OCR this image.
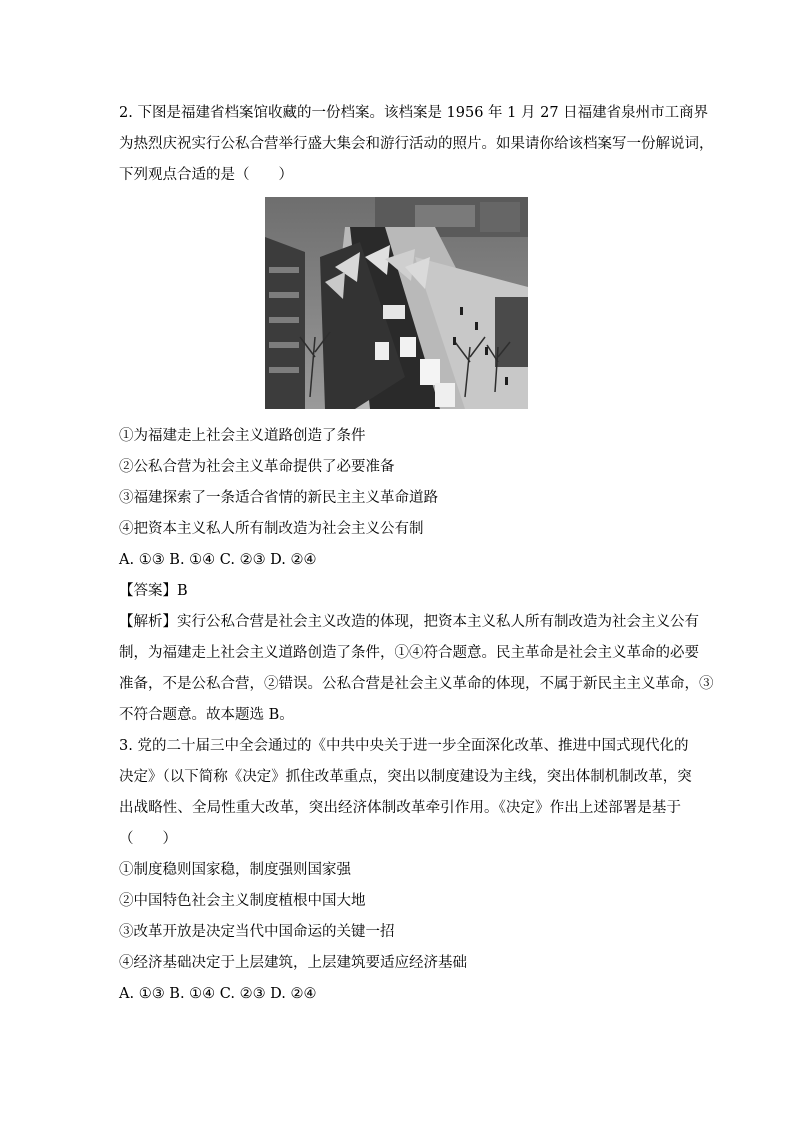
2. 下图是福建省档案馆收藏的一份档案。该档案是 1956 年 1 月 27 日福建省泉州市工商界
为热烈庆祝实行公私合营举行盛大集会和游行活动的照片。如果请你给该档案写一份解说词，
下列观点合适的是（　　）
①为福建走上社会主义道路创造了条件
②公私合营为社会主义革命提供了必要准备
③福建探索了一条适合省情的新民主主义革命道路
④把资本主义私人所有制改造为社会主义公有制
A. ①③ B. ①④ C. ②③ D. ②④
【答案】B
【解析】实行公私合营是社会主义改造的体现，把资本主义私人所有制改造为社会主义公有
制，为福建走上社会主义道路创造了条件，①④符合题意。民主革命是社会主义革命的必要
准备，不是公私合营，②错误。公私合营是社会主义革命的体现，不属于新民主主义革命，③
不符合题意。故本题选 B。
3. 党的二十届三中全会通过的《中共中央关于进一步全面深化改革、推进中国式现代化的
决定》（以下简称《决定》抓住改革重点，突出以制度建设为主线，突出体制机制改革，突
出战略性、全局性重大改革，突出经济体制改革牵引作用。《决定》作出上述部署是基于
（　　）
①制度稳则国家稳，制度强则国家强
②中国特色社会主义制度植根中国大地
③改革开放是决定当代中国命运的关键一招
④经济基础决定于上层建筑，上层建筑要适应经济基础
A. ①③ B. ①④ C. ②③ D. ②④
